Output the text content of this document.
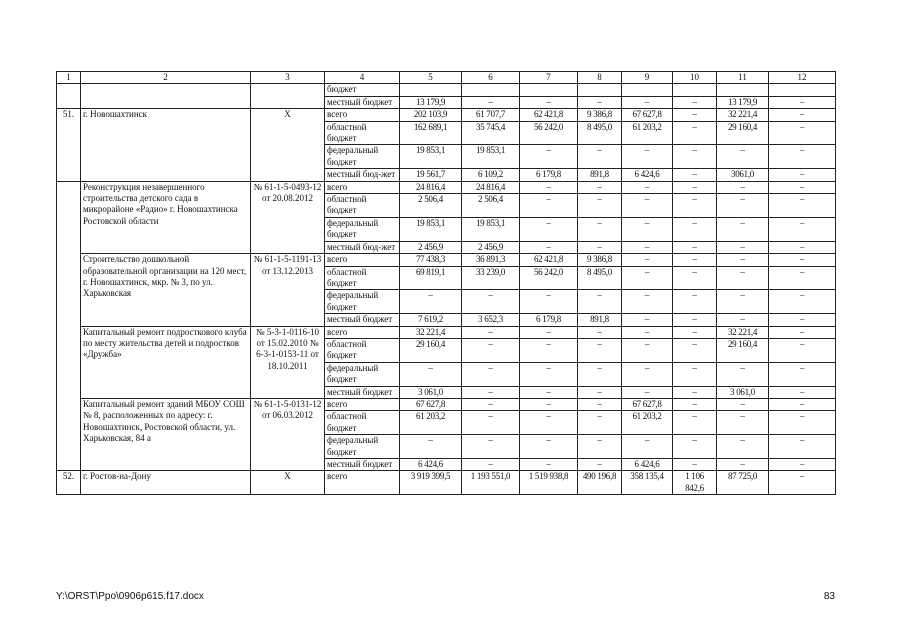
1	2	3	4	5	6	7	8	9	10	11	12
			бюджет								
			местный бюджет	13 179,9	–	–	–	–	–	13 179,9	–
51.	г. Новошахтинск	Х	всего	202 103,9	61 707,7	62 421,8	9 386,8	67 627,8	–	32 221,4	–
			областной бюджет	162 689,1	35 745,4	56 242,0	8 495,0	61 203,2	–	29 160,4	–
			федеральный бюджет	19 853,1	19 853,1	–	–	–	–	–	–
			местный бюд-жет	19 561,7	6 109,2	6 179,8	891,8	6 424,6	–	3061,0	–
	Реконструкция незавершенного строительства детского сада в микрорайоне «Радио» г. Новошахтинска Ростовской области	№ 61-1-5-0493-12 от 20.08.2012	всего	24 816,4	24 816,4	–	–	–	–	–	–
			областной бюджет	2 506,4	2 506,4	–	–	–	–	–	–
			федеральный бюджет	19 853,1	19 853,1	–	–	–	–	–	–
			местный бюд-жет	2 456,9	2 456,9	–	–	–	–	–	–
	Строительство дошкольной образовательной организации на 120 мест, г. Новошахтинск, мкр. № 3, по ул. Харьковская	№ 61-1-5-1191-13 от 13.12.2013	всего	77 438,3	36 891,3	62 421,8	9 386,8	–	–	–	–
			областной бюджет	69 819,1	33 239,0	56 242,0	8 495,0	–	–	–	–
			федеральный бюджет	–	–	–	–	–	–	–	–
			местный бюджет	7 619,2	3 652,3	6 179,8	891,8	–	–	–	–
	Капитальный ремонт подросткового клуба по месту жительства детей и подростков «Дружба»	№ 5-3-1-0116-10 от 15.02.2010 № 6-3-1-0153-11 от 18.10.2011	всего	32 221,4	–	–	–	–	–	32 221,4	–
			областной бюджет	29 160,4	–	–	–	–	–	29 160,4	–
			федеральный бюджет	–	–	–	–	–	–	–	–
			местный бюджет	3 061,0	–	–	–	–	–	3 061,0	–
	Капитальный ремонт зданий МБОУ СОШ № 8, расположенных по адресу: г. Новошахтинск, Ростовской области, ул. Харьковская, 84 а	№ 61-1-5-0131-12 от 06.03.2012	всего	67 627,8	–	–	–	67 627,8	–	–	–
			областной бюджет	61 203,2	–	–	–	61 203,2	–	–	–
			федеральный бюджет	–	–	–	–	–	–	–	–
			местный бюджет	6 424,6	–	–	–	6 424,6	–	–	–
52.	г. Ростов-на-Дону	Х	всего	3 919 399,5	1 193 551,0	1 519 938,8	490 196,8	358 135,4	1 106 842,6	87 725,0	–
Y:\ORST\Ppo\0906p615.f17.docx	83
